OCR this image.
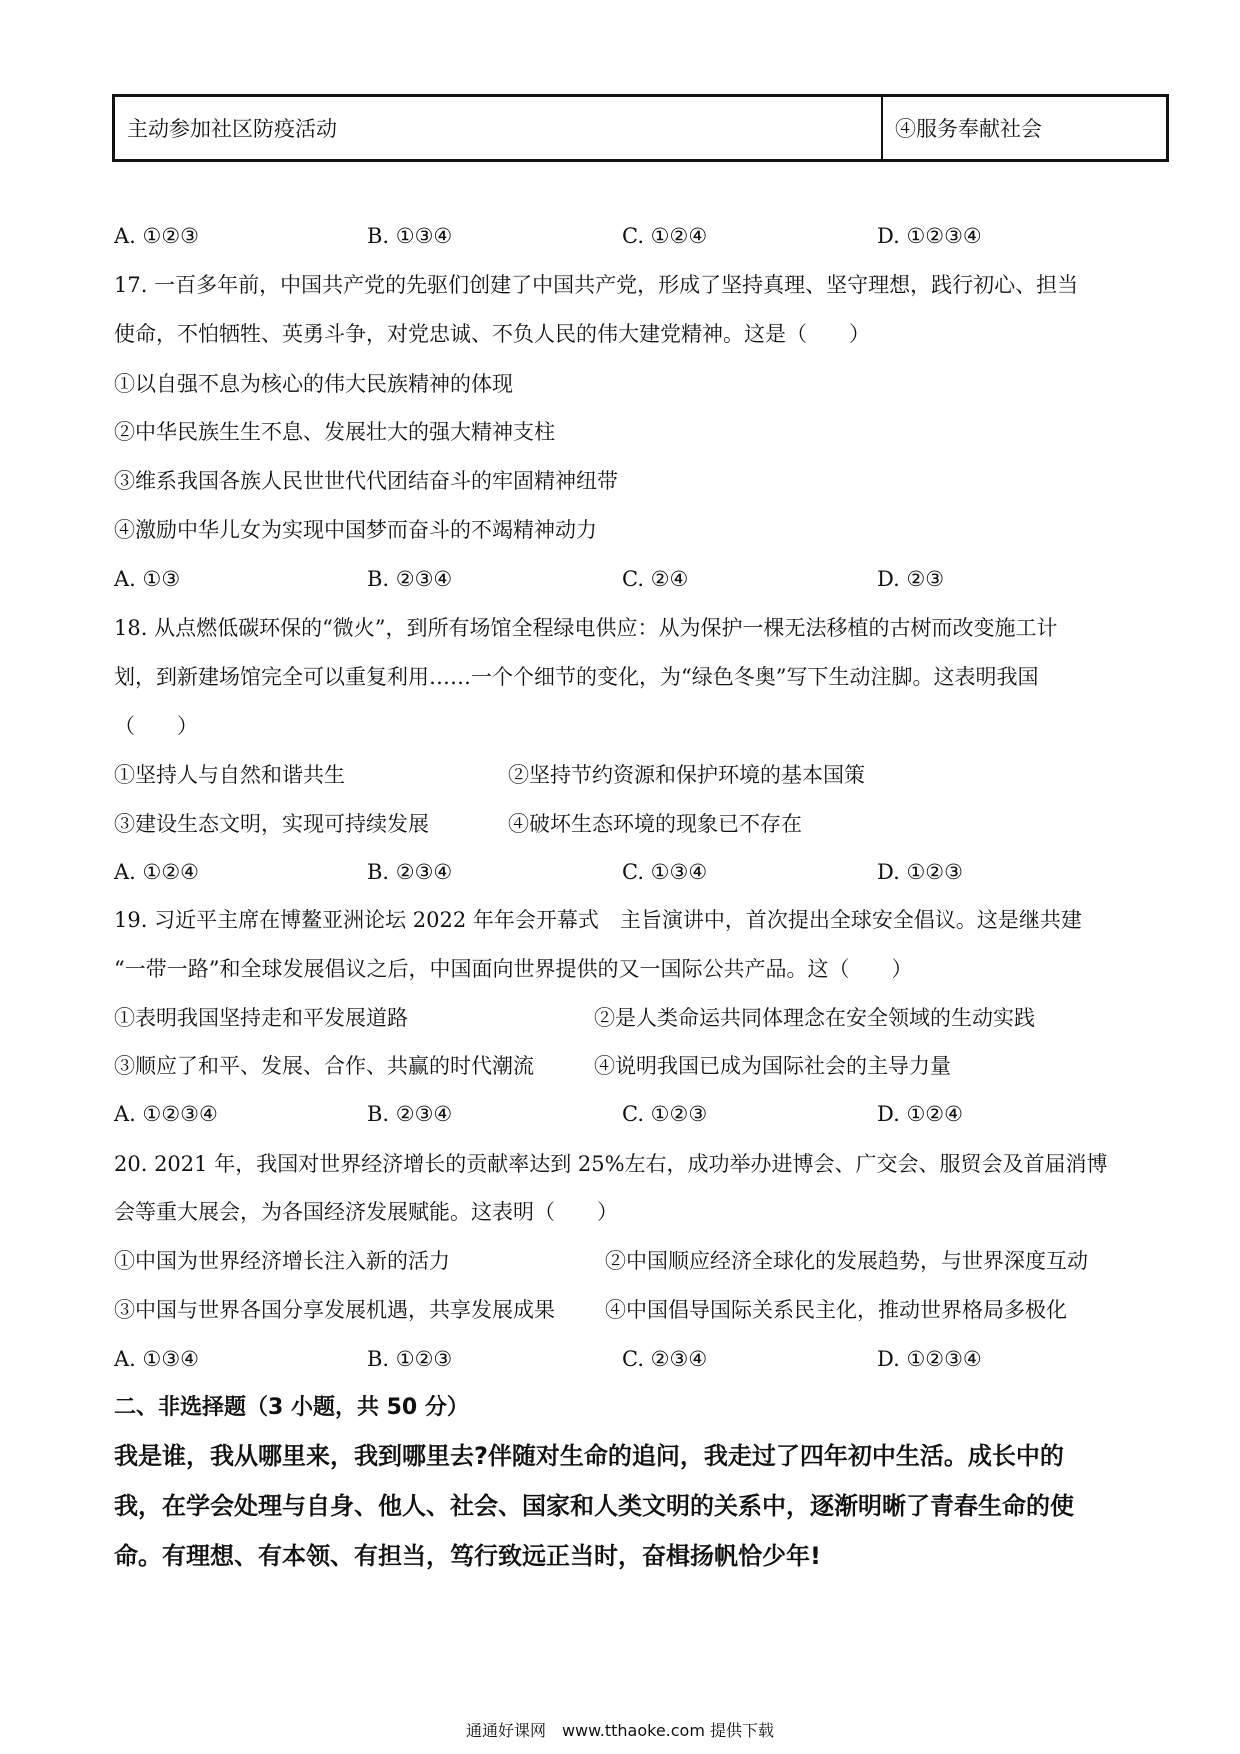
主动参加社区防疫活动	④服务奉献社会
A. ①②③	B. ①③④	C. ①②④	D. ①②③④
17. 一百多年前，中国共产党的先驱们创建了中国共产党，形成了坚持真理、坚守理想，践行初心、担当
使命，不怕牺牲、英勇斗争，对党忠诚、不负人民的伟大建党精神。这是（　　）
①以自强不息为核心的伟大民族精神的体现
②中华民族生生不息、发展壮大的强大精神支柱
③维系我国各族人民世世代代团结奋斗的牢固精神纽带
④激励中华儿女为实现中国梦而奋斗的不竭精神动力
A. ①③	B. ②③④	C. ②④	D. ②③
18. 从点燃低碳环保的“微火”，到所有场馆全程绿电供应：从为保护一棵无法移植的古树而改变施工计
划，到新建场馆完全可以重复利用……一个个细节的变化，为“绿色冬奥”写下生动注脚。这表明我国
（　　）
①坚持人与自然和谐共生	②坚持节约资源和保护环境的基本国策
③建设生态文明，实现可持续发展	④破坏生态环境的现象已不存在
A. ①②④	B. ②③④	C. ①③④	D. ①②③
19. 习近平主席在博鳌亚洲论坛 2022 年年会开幕式　主旨演讲中，首次提出全球安全倡议。这是继共建
“一带一路”和全球发展倡议之后，中国面向世界提供的又一国际公共产品。这（　　）
①表明我国坚持走和平发展道路	②是人类命运共同体理念在安全领域的生动实践
③顺应了和平、发展、合作、共赢的时代潮流	④说明我国已成为国际社会的主导力量
A. ①②③④	B. ②③④	C. ①②③	D. ①②④
20. 2021 年，我国对世界经济增长的贡献率达到 25%左右，成功举办进博会、广交会、服贸会及首届消博
会等重大展会，为各国经济发展赋能。这表明（　　）
①中国为世界经济增长注入新的活力	②中国顺应经济全球化的发展趋势，与世界深度互动
③中国与世界各国分享发展机遇，共享发展成果 ④中国倡导国际关系民主化，推动世界格局多极化
A. ①③④	B. ①②③	C. ②③④	D. ①②③④
二、非选择题（3 小题，共 50 分）
我是谁，我从哪里来，我到哪里去?伴随对生命的追问，我走过了四年初中生活。成长中的
我，在学会处理与自身、他人、社会、国家和人类文明的关系中，逐渐明晰了青春生命的使
命。有理想、有本领、有担当，笃行致远正当时，奋楫扬帆恰少年!
通通好课网　www.tthaoke.com 提供下载
